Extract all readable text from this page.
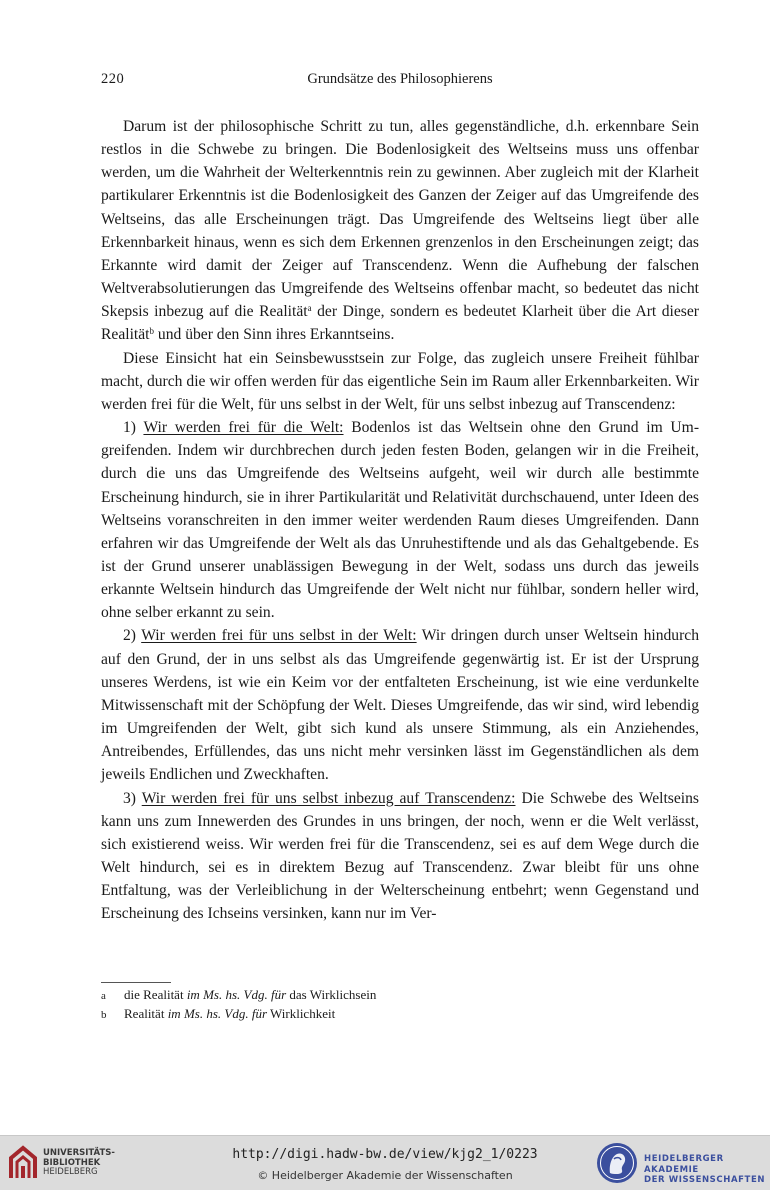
220	Grundsätze des Philosophierens

Darum ist der philosophische Schritt zu tun, alles gegenständliche, d.h. erkennbare Sein restlos in die Schwebe zu bringen. Die Bodenlosigkeit des Weltseins muss uns offenbar werden, um die Wahrheit der Welterkenntnis rein zu gewinnen. Aber zugleich mit der Klarheit partikularer Erkenntnis ist die Bodenlosigkeit des Ganzen der Zeiger auf das Umgreifende des Weltseins, das alle Erscheinungen trägt. Das Umgreifende des Weltseins liegt über alle Erkennbarkeit hinaus, wenn es sich dem Erkennen grenzenlos in den Erscheinungen zeigt; das Erkannte wird damit der Zeiger auf Transcendenz. Wenn die Aufhebung der falschen Weltverabsolutierungen das Umgreifende des Weltseins offenbar macht, so bedeutet das nicht Skepsis inbezug auf die Realität$^a$ der Dinge, sondern es bedeutet Klarheit über die Art dieser Realität$^b$ und über den Sinn ihres Erkanntseins.

Diese Einsicht hat ein Seinsbewusstsein zur Folge, das zugleich unsere Freiheit fühlbar macht, durch die wir offen werden für das eigentliche Sein im Raum aller Erkennbarkeiten. Wir werden frei für die Welt, für uns selbst in der Welt, für uns selbst inbezug auf Transcendenz:

1) Wir werden frei für die Welt: Bodenlos ist das Weltsein ohne den Grund im Umgreifenden. Indem wir durchbrechen durch jeden festen Boden, gelangen wir in die Freiheit, durch die uns das Umgreifende des Weltseins aufgeht, weil wir durch alle bestimmte Erscheinung hindurch, sie in ihrer Partikularität und Relativität durchschauend, unter Ideen des Weltseins voranschreiten in den immer weiter werdenden Raum dieses Umgreifenden. Dann erfahren wir das Umgreifende der Welt als das Unruhestiftende und als das Gehaltgebende. Es ist der Grund unserer unablässigen Bewegung in der Welt, sodass uns durch das jeweils erkannte Weltsein hindurch das Umgreifende der Welt nicht nur fühlbar, sondern heller wird, ohne selber erkannt zu sein.

2) Wir werden frei für uns selbst in der Welt: Wir dringen durch unser Weltsein hindurch auf den Grund, der in uns selbst als das Umgreifende gegenwärtig ist. Er ist der Ursprung unseres Werdens, ist wie ein Keim vor der entfalteten Erscheinung, ist wie eine verdunkelte Mitwissenschaft mit der Schöpfung der Welt. Dieses Umgreifende, das wir sind, wird lebendig im Umgreifenden der Welt, gibt sich kund als unsere Stimmung, als ein Anziehendes, Antreibendes, Erfüllendes, das uns nicht mehr versinken lässt im Gegenständlichen als dem jeweils Endlichen und Zweckhaften.

3) Wir werden frei für uns selbst inbezug auf Transcendenz: Die Schwebe des Weltseins kann uns zum Innewerden des Grundes in uns bringen, der noch, wenn er die Welt verlässt, sich existierend weiss. Wir werden frei für die Transcendenz, sei es auf dem Wege durch die Welt hindurch, sei es in direktem Bezug auf Transcendenz. Zwar bleibt für uns ohne Entfaltung, was der Verleiblichung in der Welterscheinung entbehrt; wenn Gegenstand und Erscheinung des Ichseins versinken, kann nur im Ver-

a	die Realität im Ms. hs. Vdg. für das Wirklichsein
b	Realität im Ms. hs. Vdg. für Wirklichkeit
UNIVERSITÄTS-
BIBLIOTHEK
HEIDELBERG
http://digi.hadw-bw.de/view/kjg2_1/0223
© Heidelberger Akademie der Wissenschaften
HEIDELBERGER AKADEMIE
DER WISSENSCHAFTEN
